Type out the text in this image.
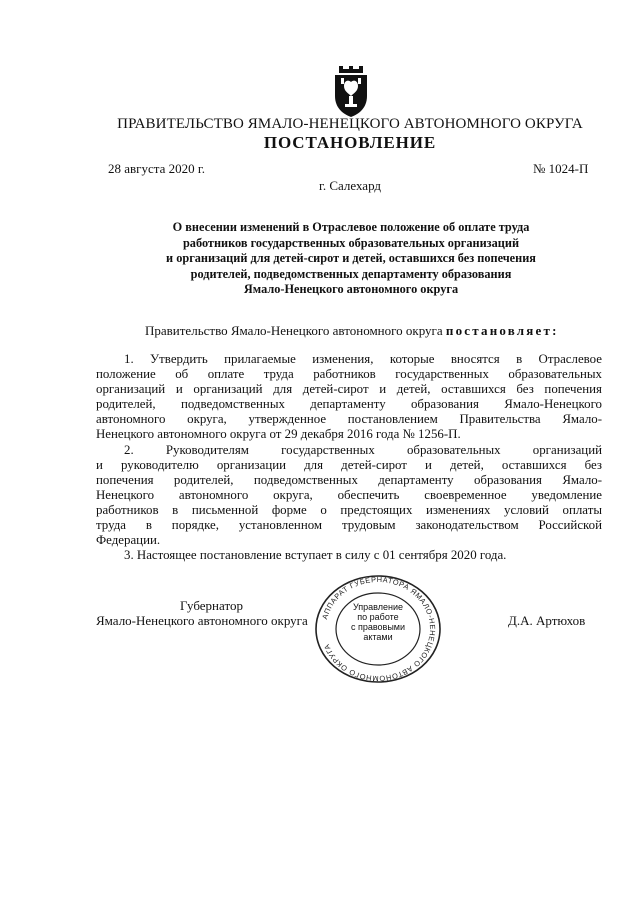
ПРАВИТЕЛЬСТВО ЯМАЛО-НЕНЕЦКОГО АВТОНОМНОГО ОКРУГА
ПОСТАНОВЛЕНИЕ
28 августа 2020 г.	№ 1024-П
г. Салехард
О внесении изменений в Отраслевое положение об оплате труда
работников государственных образовательных организаций
и организаций для детей-сирот и детей, оставшихся без попечения
родителей, подведомственных департаменту образования
Ямало-Ненецкого автономного округа
Правительство Ямало-Ненецкого автономного округа постановляет:
1. Утвердить прилагаемые изменения, которые вносятся в Отраслевое
положение об оплате труда работников государственных образовательных
организаций и организаций для детей-сирот и детей, оставшихся без попечения
родителей, подведомственных департаменту образования Ямало-Ненецкого
автономного округа, утвержденное постановлением Правительства Ямало-
Ненецкого автономного округа от 29 декабря 2016 года № 1256-П.
2. Руководителям государственных образовательных организаций
и руководителю организации для детей-сирот и детей, оставшихся без
попечения родителей, подведомственных департаменту образования Ямало-
Ненецкого автономного округа, обеспечить своевременное уведомление
работников в письменной форме о предстоящих изменениях условий оплаты
труда в порядке, установленном трудовым законодательством Российской
Федерации.
3. Настоящее постановление вступает в силу с 01 сентября 2020 года.
Губернатор
Ямало-Ненецкого автономного округа	Д.А. Артюхов
АППАРАТ ГУБЕРНАТОРА ЯМАЛО-НЕНЕЦКОГО АВТОНОМНОГО ОКРУГА
Управление
по работе
с правовыми
актами
